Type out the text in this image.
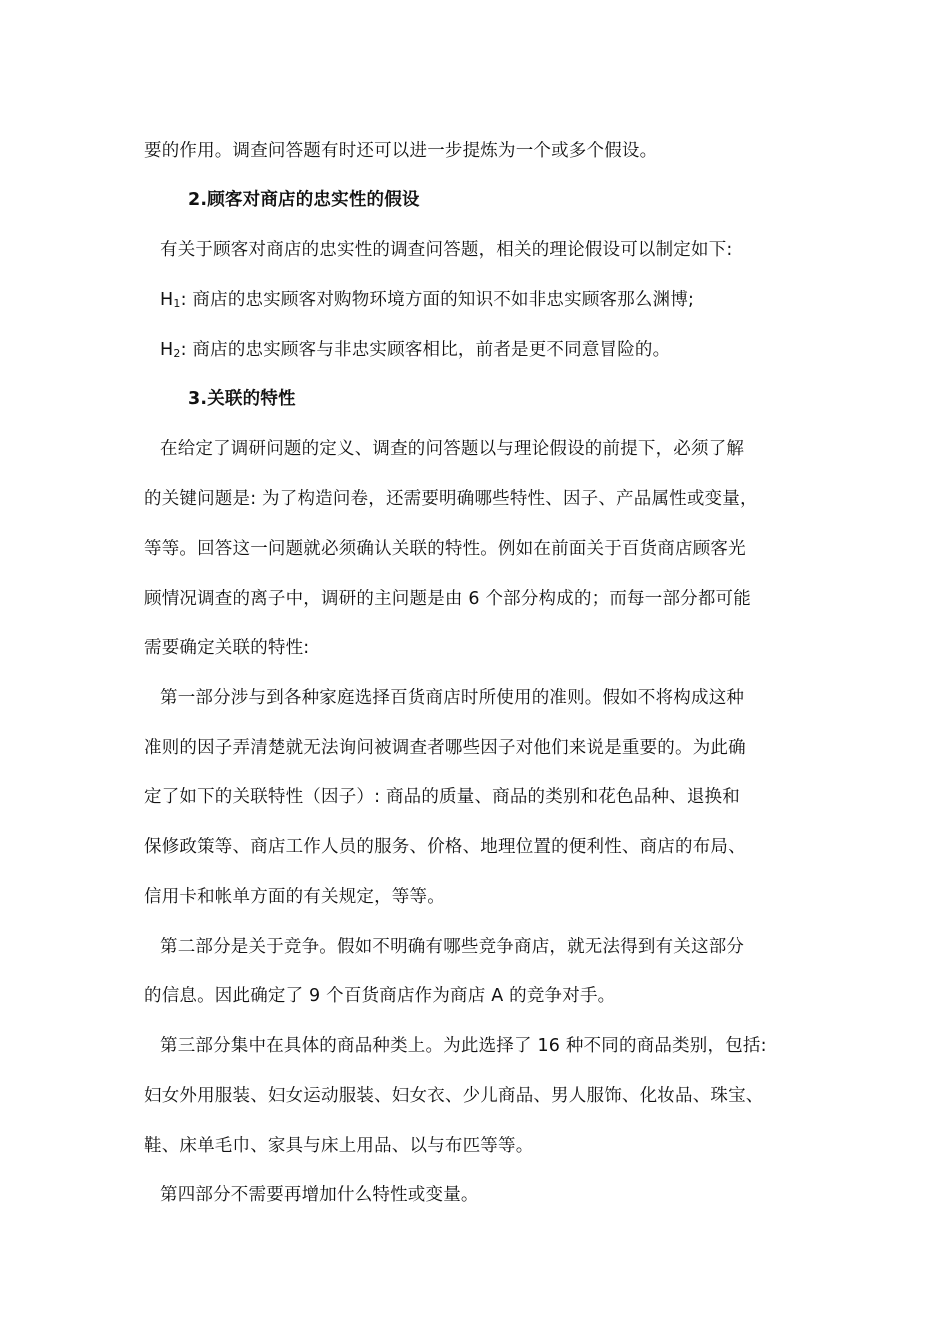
要的作用。调查问答题有时还可以进一步提炼为一个或多个假设。
2.顾客对商店的忠实性的假设
有关于顾客对商店的忠实性的调查问答题，相关的理论假设可以制定如下:
$H_1$: 商店的忠实顾客对购物环境方面的知识不如非忠实顾客那么渊博;
$H_2$: 商店的忠实顾客与非忠实顾客相比，前者是更不同意冒险的。
3.关联的特性
在给定了调研问题的定义、调查的问答题以与理论假设的前提下，必须了解
的关键问题是: 为了构造问卷，还需要明确哪些特性、因子、产品属性或变量，
等等。回答这一问题就必须确认关联的特性。例如在前面关于百货商店顾客光
顾情况调查的离子中，调研的主问题是由 6 个部分构成的；而每一部分都可能
需要确定关联的特性:
第一部分涉与到各种家庭选择百货商店时所使用的准则。假如不将构成这种
准则的因子弄清楚就无法询问被调查者哪些因子对他们来说是重要的。为此确
定了如下的关联特性（因子）: 商品的质量、商品的类别和花色品种、退换和
保修政策等、商店工作人员的服务、价格、地理位置的便利性、商店的布局、
信用卡和帐单方面的有关规定，等等。
第二部分是关于竞争。假如不明确有哪些竞争商店，就无法得到有关这部分
的信息。因此确定了 9 个百货商店作为商店 A 的竞争对手。
第三部分集中在具体的商品种类上。为此选择了 16 种不同的商品类别，包括:
妇女外用服装、妇女运动服装、妇女衣、少儿商品、男人服饰、化妆品、珠宝、
鞋、床单毛巾、家具与床上用品、以与布匹等等。
第四部分不需要再增加什么特性或变量。
